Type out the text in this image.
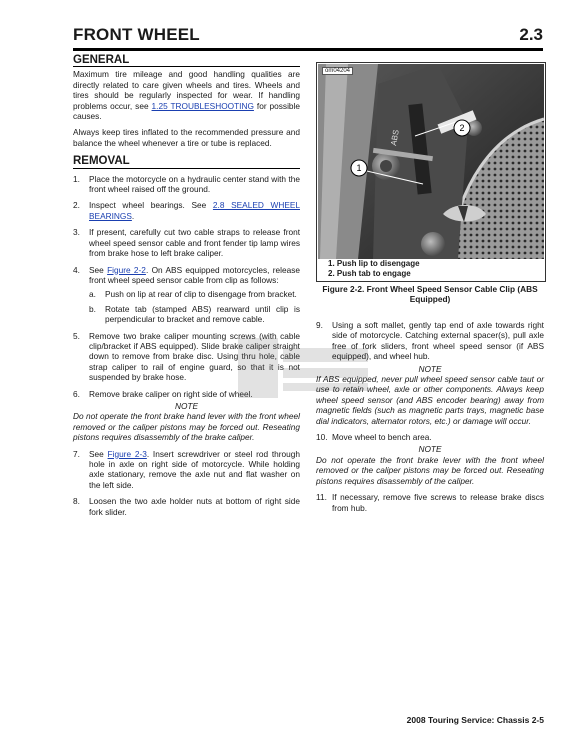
FRONT WHEEL	2.3
GENERAL

Maximum tire mileage and good handling qualities are directly related to care given wheels and tires. Wheels and tires should be regularly inspected for wear. If handling problems occur, see 1.25 TROUBLESHOOTING for possible causes.

Always keep tires inflated to the recommended pressure and balance the wheel whenever a tire or tube is replaced.

REMOVAL
1. Place the motorcycle on a hydraulic center stand with the front wheel raised off the ground.
2. Inspect wheel bearings. See 2.8 SEALED WHEEL BEARINGS.
3. If present, carefully cut two cable straps to release front wheel speed sensor cable and front fender tip lamp wires from brake hose to left brake caliper.
4. See Figure 2-2. On ABS equipped motorcycles, release front wheel speed sensor cable from clip as follows:
a. Push on lip at rear of clip to disengage from bracket.
b. Rotate tab (stamped ABS) rearward until clip is perpendicular to bracket and remove cable.
5. Remove two brake caliper mounting screws (with cable clip/bracket if ABS equipped). Slide brake caliper straight down to remove from brake disc. Using thru hole, cable strap caliper to rail of engine guard, so that it is not suspended by brake hose.
6. Remove brake caliper on right side of wheel.
NOTE
Do not operate the front brake hand lever with the front wheel removed or the caliper pistons may be forced out. Reseating pistons requires disassembly of the brake caliper.
7. See Figure 2-3. Insert screwdriver or steel rod through hole in axle on right side of motorcycle. While holding axle stationary, remove the axle nut and flat washer on the left side.
8. Loosen the two axle holder nuts at bottom of right side fork slider.
ABS
1
2
om04204
1. Push lip to disengage
2. Push tab to engage
Figure 2-2. Front Wheel Speed Sensor Cable Clip (ABS Equipped)
9. Using a soft mallet, gently tap end of axle towards right side of motorcycle. Catching external spacer(s), pull axle free of fork sliders, front wheel speed sensor (if ABS equipped), and wheel hub.
NOTE
If ABS equipped, never pull wheel speed sensor cable taut or use to retain wheel, axle or other components. Always keep wheel speed sensor (and ABS encoder bearing) away from magnetic fields (such as magnetic parts trays, magnetic base dial indicators, alternator rotors, etc.) or damage will occur.
10. Move wheel to bench area.
NOTE
Do not operate the front brake lever with the front wheel removed or the caliper pistons may be forced out. Reseating pistons requires disassembly of the caliper.
11. If necessary, remove five screws to release brake discs from hub.
2008 Touring Service: Chassis 2-5
